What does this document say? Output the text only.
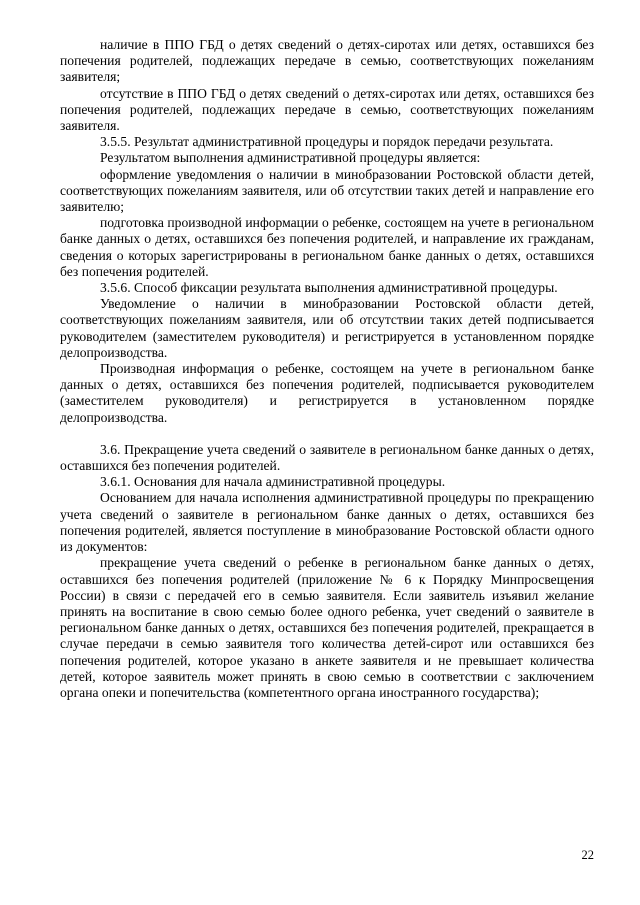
наличие в ППО ГБД о детях сведений о детях-сиротах или детях, оставшихся без попечения родителей, подлежащих передаче в семью, соответствующих пожеланиям заявителя;

отсутствие в ППО ГБД о детях сведений о детях-сиротах или детях, оставшихся без попечения родителей, подлежащих передаче в семью, соответствующих пожеланиям заявителя.

3.5.5. Результат административной процедуры и порядок передачи результата.

Результатом выполнения административной процедуры является:

оформление уведомления о наличии в минобразовании Ростовской области детей, соответствующих пожеланиям заявителя, или об отсутствии таких детей и направление его заявителю;

подготовка производной информации о ребенке, состоящем на учете в региональном банке данных о детях, оставшихся без попечения родителей, и направление их гражданам, сведения о которых зарегистрированы в региональном банке данных о детях, оставшихся без попечения родителей.

3.5.6. Способ фиксации результата выполнения административной процедуры.

Уведомление о наличии в минобразовании Ростовской области детей, соответствующих пожеланиям заявителя, или об отсутствии таких детей подписывается руководителем (заместителем руководителя) и регистрируется в установленном порядке делопроизводства.

Производная информация о ребенке, состоящем на учете в региональном банке данных о детях, оставшихся без попечения родителей, подписывается руководителем (заместителем руководителя) и регистрируется в установленном порядке делопроизводства.

3.6. Прекращение учета сведений о заявителе в региональном банке данных о детях, оставшихся без попечения родителей.

3.6.1. Основания для начала административной процедуры.

Основанием для начала исполнения административной процедуры по прекращению учета сведений о заявителе в региональном банке данных о детях, оставшихся без попечения родителей, является поступление в минобразование Ростовской области одного из документов:

прекращение учета сведений о ребенке в региональном банке данных о детях, оставшихся без попечения родителей (приложение № 6 к Порядку Минпросвещения России) в связи с передачей его в семью заявителя. Если заявитель изъявил желание принять на воспитание в свою семью более одного ребенка, учет сведений о заявителе в региональном банке данных о детях, оставшихся без попечения родителей, прекращается в случае передачи в семью заявителя того количества детей-сирот или оставшихся без попечения родителей, которое указано в анкете заявителя и не превышает количества детей, которое заявитель может принять в свою семью в соответствии с заключением органа опеки и попечительства (компетентного органа иностранного государства);

22
